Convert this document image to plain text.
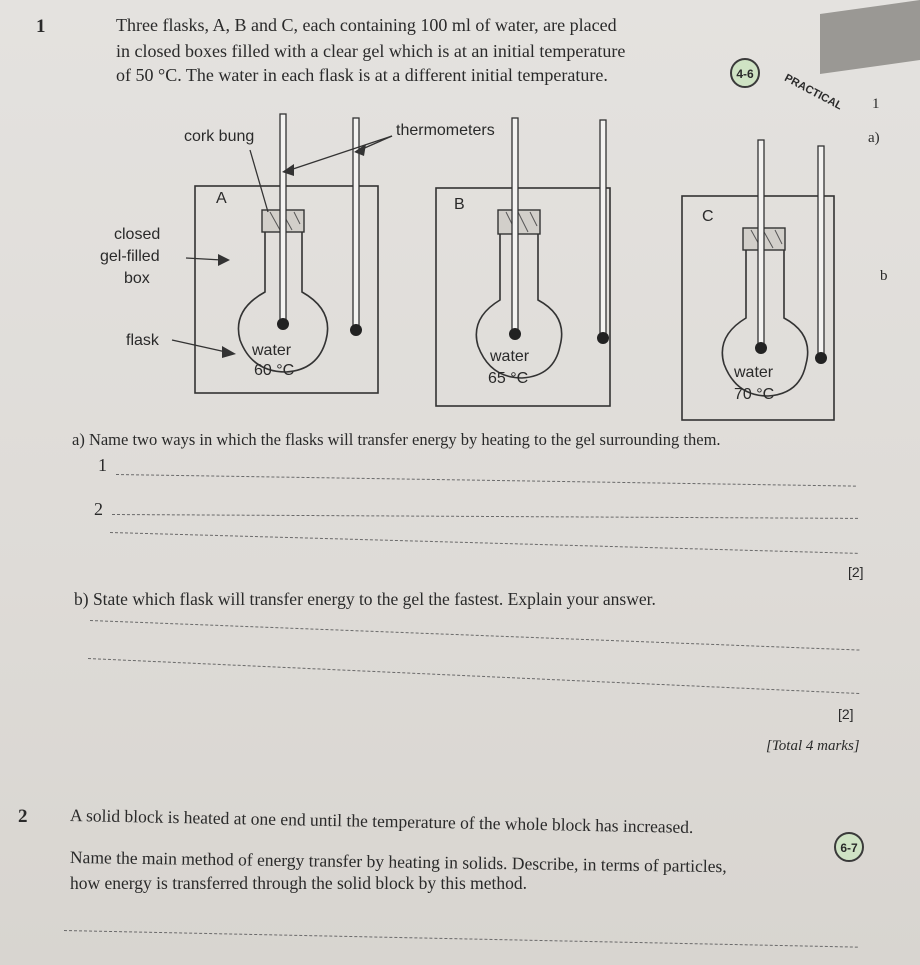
1	Three flasks, A, B and C, each containing 100 ml of water, are placed
in closed boxes filled with a clear gel which is at an initial temperature
of 50 °C. The water in each flask is at a different initial temperature.	4-6	PRACTICAL 1
a)
b
cork bung	thermometers
closed
gel-filled
box
flask
A
water
60 °C
B
water
65 °C
C
water
70 °C
a) Name two ways in which the flasks will transfer energy by heating to the gel surrounding them.
1
2
[2]
b) State which flask will transfer energy to the gel the fastest. Explain your answer.
[2]
[Total 4 marks]
2 A solid block is heated at one end until the temperature of the whole block has increased.
6-7
Name the main method of energy transfer by heating in solids. Describe, in terms of particles,
how energy is transferred through the solid block by this method.
